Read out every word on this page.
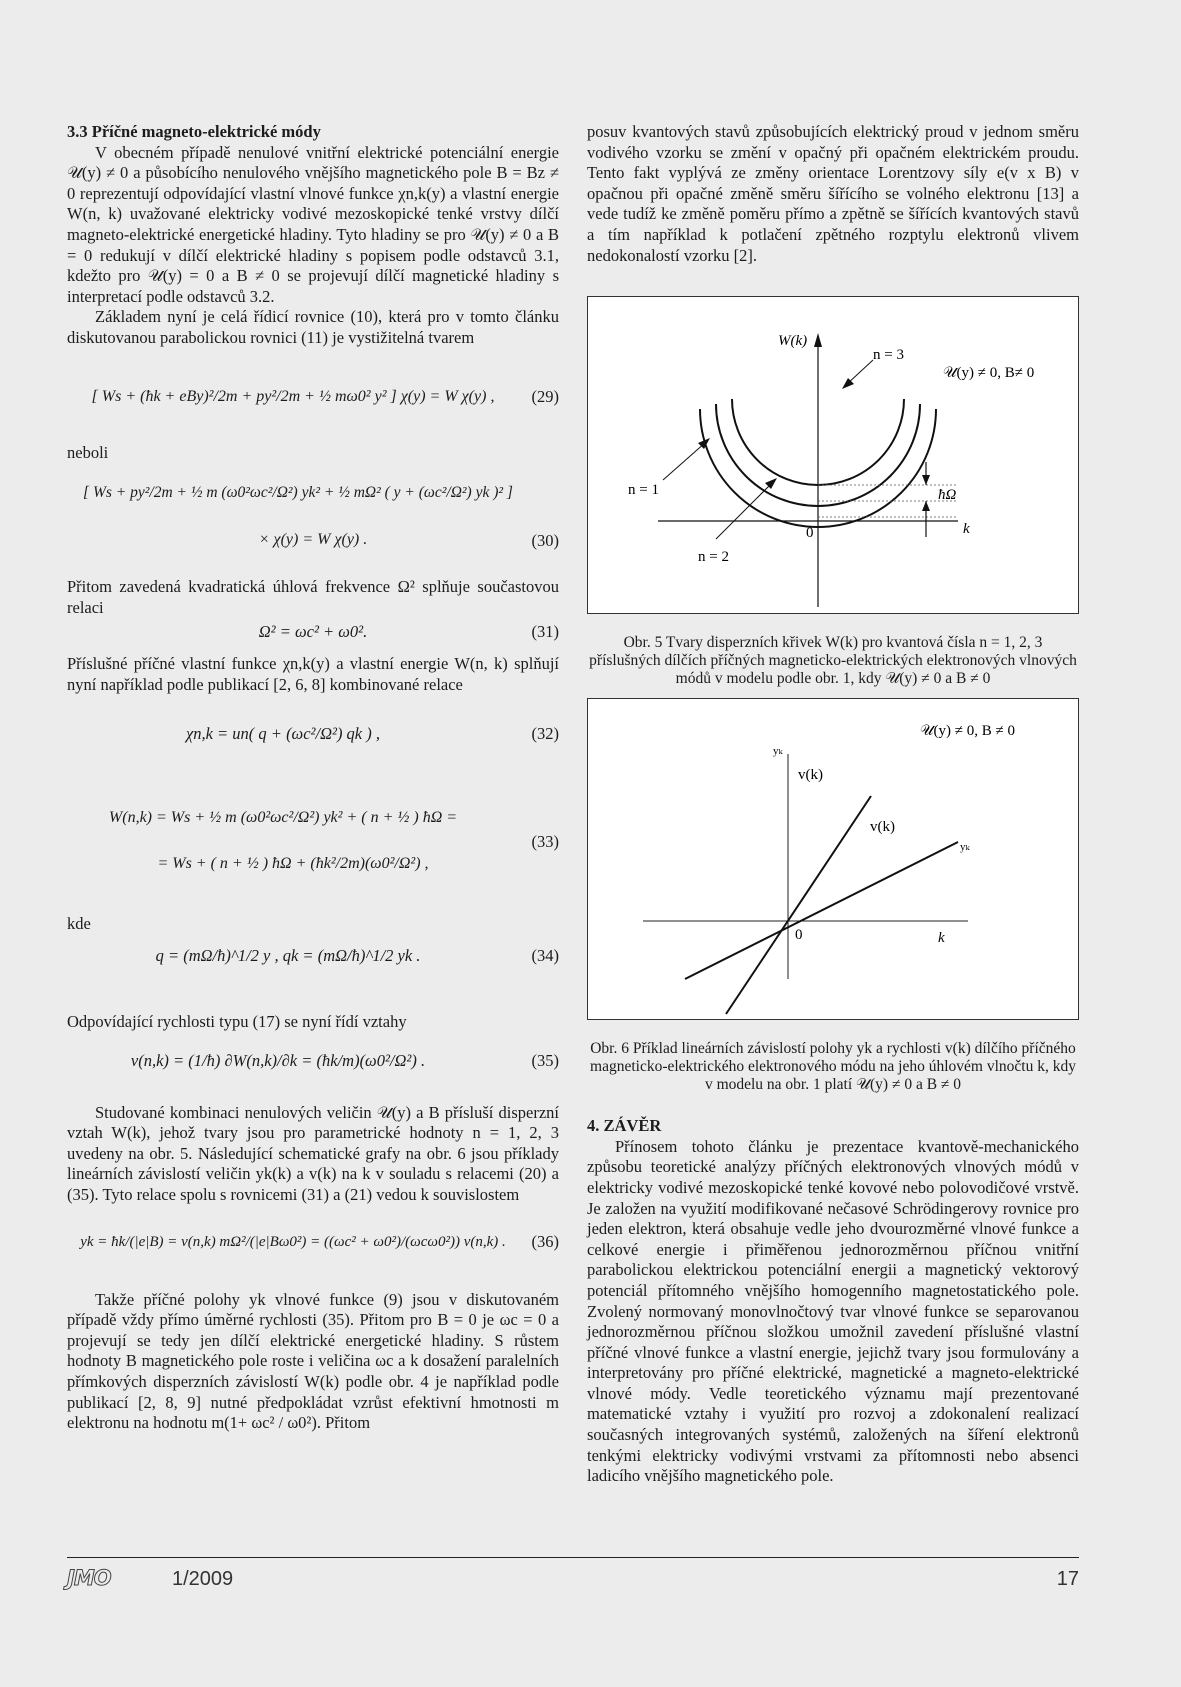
3.3 Příčné magneto-elektrické módy

V obecném případě nenulové vnitřní elektrické potenciální energie 𝒰(y) ≠ 0 a působícího nenulového vnějšího magnetického pole B = Bz ≠ 0 reprezentují odpovídající vlastní vlnové funkce χn,k(y) a vlastní energie W(n, k) uvažované elektricky vodivé mezoskopické tenké vrstvy dílčí magneto-elektrické energetické hladiny. Tyto hladiny se pro 𝒰(y) ≠ 0 a B = 0 redukují v dílčí elektrické hladiny s popisem podle odstavců 3.1, kdežto pro 𝒰(y) = 0 a B ≠ 0 se projevují dílčí magnetické hladiny s interpretací podle odstavců 3.2.

Základem nyní je celá řídicí rovnice (10), která pro v tomto článku diskutovanou parabolickou rovnici (11) je vystižitelná tvarem

[ Ws + (ħk + eBy)²/2m + py²/2m + ½ mω0² y² ] χ(y) = W χ(y) ,	(29)

neboli

[ Ws + py²/2m + ½ m (ω0²ωc²/Ω²) yk² + ½ mΩ² ( y + (ωc²/Ω²) yk )² ]
× χ(y) = W χ(y) .	(30)

Přitom zavedená kvadratická úhlová frekvence Ω² splňuje součastovou relaci

Ω² = ωc² + ω0².	(31)

Příslušné příčné vlastní funkce χn,k(y) a vlastní energie W(n, k) splňují nyní například podle publikací [2, 6, 8] kombinované relace

χn,k = un( q + (ωc²/Ω²) qk ) ,	(32)
W(n,k) = Ws + ½ m (ω0²ωc²/Ω²) yk² + ( n + ½ ) ħΩ =
= Ws + ( n + ½ ) ħΩ + (ħk²/2m)(ω0²/Ω²) ,
(33)

kde

q = (mΩ/ħ)^1/2 y , qk = (mΩ/ħ)^1/2 yk .	(34)

Odpovídající rychlosti typu (17) se nyní řídí vztahy

v(n,k) = (1/ħ) ∂W(n,k)/∂k = (ħk/m)(ω0²/Ω²) .	(35)

Studované kombinaci nenulových veličin 𝒰(y) a B přísluší disperzní vztah W(k), jehož tvary jsou pro parametrické hodnoty n = 1, 2, 3 uvedeny na obr. 5. Následující schematické grafy na obr. 6 jsou příklady lineárních závislostí veličin yk(k) a v(k) na k v souladu s relacemi (20) a (35). Tyto relace spolu s rovnicemi (31) a (21) vedou k souvislostem

yk = ħk/(|e|B) = v(n,k) mΩ²/(|e|Bω0²) = ((ωc² + ω0²)/(ωcω0²)) v(n,k) .	(36)

Takže příčné polohy yk vlnové funkce (9) jsou v diskutovaném případě vždy přímo úměrné rychlosti (35). Přitom pro B = 0 je ωc = 0 a projevují se tedy jen dílčí elektrické energetické hladiny. S růstem hodnoty B magnetického pole roste i veličina ωc a k dosažení paralelních přímkových disperzních závislostí W(k) podle obr. 4 je například podle publikací [2, 8, 9] nutné předpokládat vzrůst efektivní hmotnosti m elektronu na hodnotu m(1+ ωc² / ω0²). Přitom

posuv kvantových stavů způsobujících elektrický proud v jednom směru vodivého vzorku se změní v opačný při opačném elektrickém proudu. Tento fakt vyplývá ze změny orientace Lorentzovy síly e(v x B) v opačnou při opačné změně směru šířícího se volného elektronu [13] a vede tudíž ke změně poměru přímo a zpětně se šířících kvantových stavů a tím například k potlačení zpětného rozptylu elektronů vlivem nedokonalostí vzorku [2].

W(k)
k
0
𝒰(y) ≠ 0, B≠ 0
n = 1
n = 2
n = 3
ħΩ
Obr. 5 Tvary disperzních křivek W(k) pro kvantová čísla n = 1, 2, 3 příslušných dílčích příčných magneticko-elektrických elektronových vlnových módů v modelu podle obr. 1, kdy 𝒰(y) ≠ 0 a B ≠ 0
𝒰(y) ≠ 0, B ≠ 0
yₖ
v(k)
v(k)
yₖ
0	k
Obr. 6 Příklad lineárních závislostí polohy yk a rychlosti v(k) dílčího příčného magneticko-elektrického elektronového módu na jeho úhlovém vlnočtu k, kdy v modelu na obr. 1 platí 𝒰(y) ≠ 0 a B ≠ 0
4. ZÁVĚR

Přínosem tohoto článku je prezentace kvantově-mechanického způsobu teoretické analýzy příčných elektronových vlnových módů v elektricky vodivé mezoskopické tenké kovové nebo polovodičové vrstvě. Je založen na využití modifikované nečasové Schrödingerovy rovnice pro jeden elektron, která obsahuje vedle jeho dvourozměrné vlnové funkce a celkové energie i přiměřenou jednorozměrnou příčnou vnitřní parabolickou elektrickou potenciální energii a magnetický vektorový potenciál přítomného vnějšího homogenního magnetostatického pole. Zvolený normovaný monovlnočtový tvar vlnové funkce se separovanou jednorozměrnou příčnou složkou umožnil zavedení příslušné vlastní příčné vlnové funkce a vlastní energie, jejichž tvary jsou formulovány a interpretovány pro příčné elektrické, magnetické a magneto-elektrické vlnové módy. Vedle teoretického významu mají prezentované matematické vztahy i využití pro rozvoj a zdokonalení realizací současných integrovaných systémů, založených na šíření elektronů tenkými elektricky vodivými vrstvami za přítomnosti nebo absenci ladicího vnějšího magnetického pole.

JMO	1/2009	17
